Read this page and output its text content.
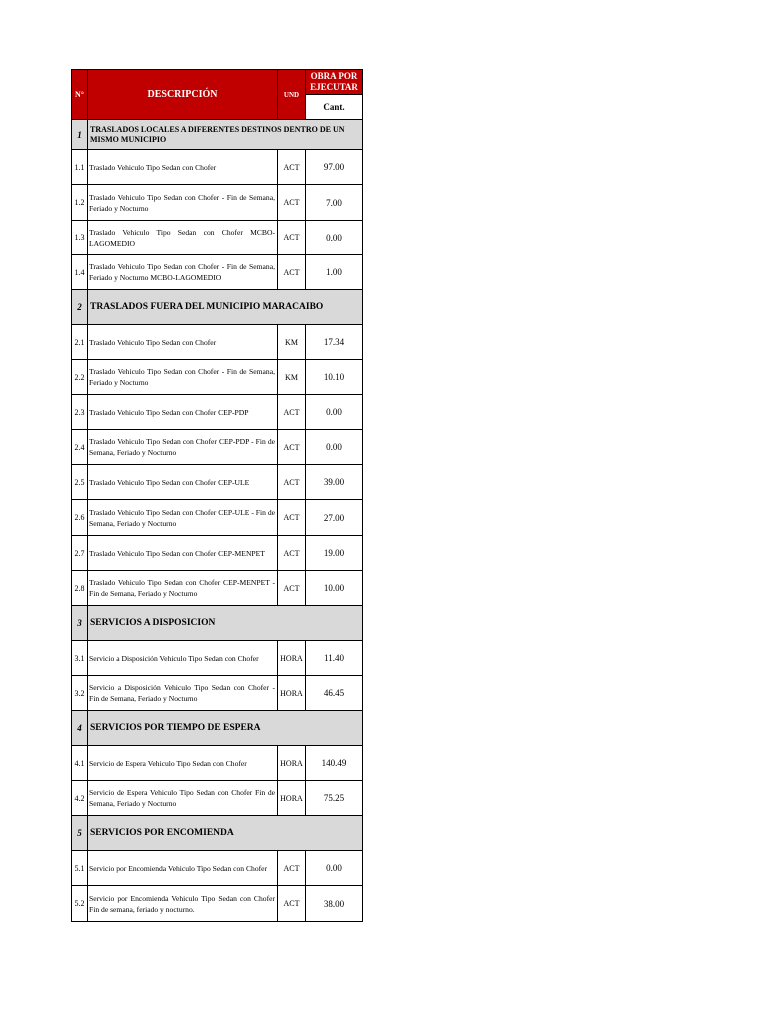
N°	DESCRIPCIÓN	UND	OBRA POR
EJECUTAR

			Cant.
1	TRASLADOS LOCALES A DIFERENTES DESTINOS DENTRO DE UN MISMO MUNICIPIO		
1.1	Traslado Vehiculo Tipo Sedan con Chofer	ACT	97.00
1.2	Traslado Vehiculo Tipo Sedan con Chofer - Fin de Semana, Feriado y Nocturno	ACT	7.00
1.3	Traslado Vehiculo Tipo Sedan con Chofer MCBO-LAGOMEDIO	ACT	0.00
1.4	Traslado Vehiculo Tipo Sedan con Chofer - Fin de Semana, Feriado y Nocturno MCBO-LAGOMEDIO	ACT	1.00
2	TRASLADOS FUERA DEL MUNICIPIO MARACAIBO		
2.1	Traslado Vehiculo Tipo Sedan con Chofer	KM	17.34
2.2	Traslado Vehiculo Tipo Sedan con Chofer - Fin de Semana, Feriado y Nocturno	KM	10.10
2.3	Traslado Vehiculo Tipo Sedan con Chofer CEP-PDP	ACT	0.00
2.4	Traslado Vehiculo Tipo Sedan con Chofer CEP-PDP - Fin de Semana, Feriado y Nocturno	ACT	0.00
2.5	Traslado Vehiculo Tipo Sedan con Chofer CEP-ULE	ACT	39.00
2.6	Traslado Vehiculo Tipo Sedan con Chofer CEP-ULE - Fin de Semana, Feriado y Nocturno	ACT	27.00
2.7	Traslado Vehiculo Tipo Sedan con Chofer CEP-MENPET	ACT	19.00
2.8	Traslado Vehiculo Tipo Sedan con Chofer CEP-MENPET - Fin de Semana, Feriado y Nocturno	ACT	10.00
3	SERVICIOS A DISPOSICION		
3.1	Servicio a Disposición Vehiculo Tipo Sedan con Chofer	HORA	11.40
3.2	Servicio a Disposición Vehiculo Tipo Sedan con Chofer - Fin de Semana, Feriado y Nocturno	HORA	46.45
4	SERVICIOS POR TIEMPO DE ESPERA		
4.1	Servicio de Espera Vehiculo Tipo Sedan con Chofer	HORA	140.49
4.2	Servicio de Espera Vehiculo Tipo Sedan con Chofer Fin de Semana, Feriado y Nocturno	HORA	75.25
5	SERVICIOS POR ENCOMIENDA		
5.1	Servicio por Encomienda Vehiculo Tipo Sedan con Chofer	ACT	0.00
5.2	Servicio por Encomienda Vehiculo Tipo Sedan con Chofer Fin de semana, feriado y nocturno.	ACT	38.00
